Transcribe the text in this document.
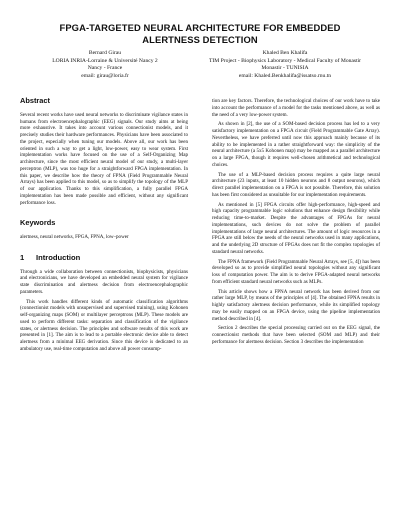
FPGA-TARGETED NEURAL ARCHITECTURE FOR EMBEDDED
ALERTNESS DETECTION
Bernard Girau
LORIA INRIA-Lorraine & Université Nancy 2
Nancy - France
email: girau@loria.fr
Khaled Ben Khalifa
TIM Project - Biophysics Laboratory - Medical Faculty of Monastir
Monastir - TUNISIA
email: Khaled.Benkhalifa@issatso.rnu.tn
Abstract

Several recent works have used neural networks to discriminate vigilance states in humans from electroencephalographic (EEG) signals. Our study aims at being more exhaustive. It takes into account various connectionist models, and it precisely studies their hardware performances. Physicians have been associated to the project, especially when tuning our models. Above all, our work has been oriented in such a way to get a light, low-power, easy to wear system. First implementation works have focused on the use of a Self-Organizing Map architecture, since the most efficient neural model of our study, a multi-layer perceptron (MLP), was too huge for a straightforward FPGA implementation. In this paper, we describe how the theory of FPNA (Field Programmable Neural Arrays) has been applied to this model, so as to simplify the topology of the MLP of our application. Thanks to this simplification, a fully parallel FPGA implementation has been made possible and efficient, without any significant performance loss.

Keywords

alertness, neural networks, FPGA, FPNA, low–power

1 Introduction

Through a wide collaboration between connectionists, biophysicists, physicians and electronicians, we have developed an embedded neural system for vigilance state discrimination and alertness decision from electroencephalographic parameters.

This work handles different kinds of automatic classification algorithms (connectionist models with unsupervised and supervised training), using Kohonen self-organizing maps (SOM) or multilayer perceptrons (MLP). These models are used to perform different tasks: separation and classification of the vigilance states, or alertness decision. The principles and software results of this work are presented in [1]. The aim is to lead to a portable electronic device able to detect alertness from a minimal EEG derivation. Since this device is dedicated to an ambulatory use, real-time computation and above all power consump-

tion are key factors. Therefore, the technological choices of our work have to take into account the performance of a model for the tasks mentioned above, as well as the need of a very low-power system.

As shown in [2], the use of a SOM-based decision process has led to a very satisfactory implementation on a FPGA circuit (Field Programmable Gate Array). Nevertheless, we have preferred until now this approach mainly because of its ability to be implemented in a rather straightforward way: the simplicity of the neural architecture (a 5x5 Kohonen map) may be mapped as a parallel architecture on a large FPGA, though it requires well-chosen arithmetical and technological choices.

The use of a MLP-based decision process requires a quite large neural architecture (23 inputs, at least 10 hidden neurons and 8 output neurons), which direct parallel implementation on a FPGA is not possible. Therefore, this solution has been first considered as unsuitable for our implementation requirements.

As mentioned in [5] FPGA circuits offer high-performance, high-speed and high capacity programmable logic solutions that enhance design flexibility while reducing time-to-market. Despite the advantages of FPGAs for neural implementations, such devices do not solve the problem of parallel implementations of large neural architectures. The amount of logic resources in a FPGA are still below the needs of the neural networks used in many applications, and the underlying 2D structure of FPGAs does not fit the complex topologies of standard neural networks.

The FPNA framework (Field Programmable Neural Arrays, see [5, 4]) has been developed so as to provide simplified neural topologies without any significant loss of computation power. The aim is to derive FPGA-adapted neural networks from efficient standard neural networks such as MLPs.

This article shows how a FPNA neural network has been derived from our rather large MLP, by means of the principles of [4]. The obtained FPNA results in highly satisfactory alertness decision performance, while its simplified topology may be easily mapped on an FPGA device, using the pipeline implementation method described in [4].

Section 2 describes the special processing carried out on the EEG signal, the connectionist methods that have been selected (SOM and MLP) and their performance for alertness decision. Section 3 describes the implementation
